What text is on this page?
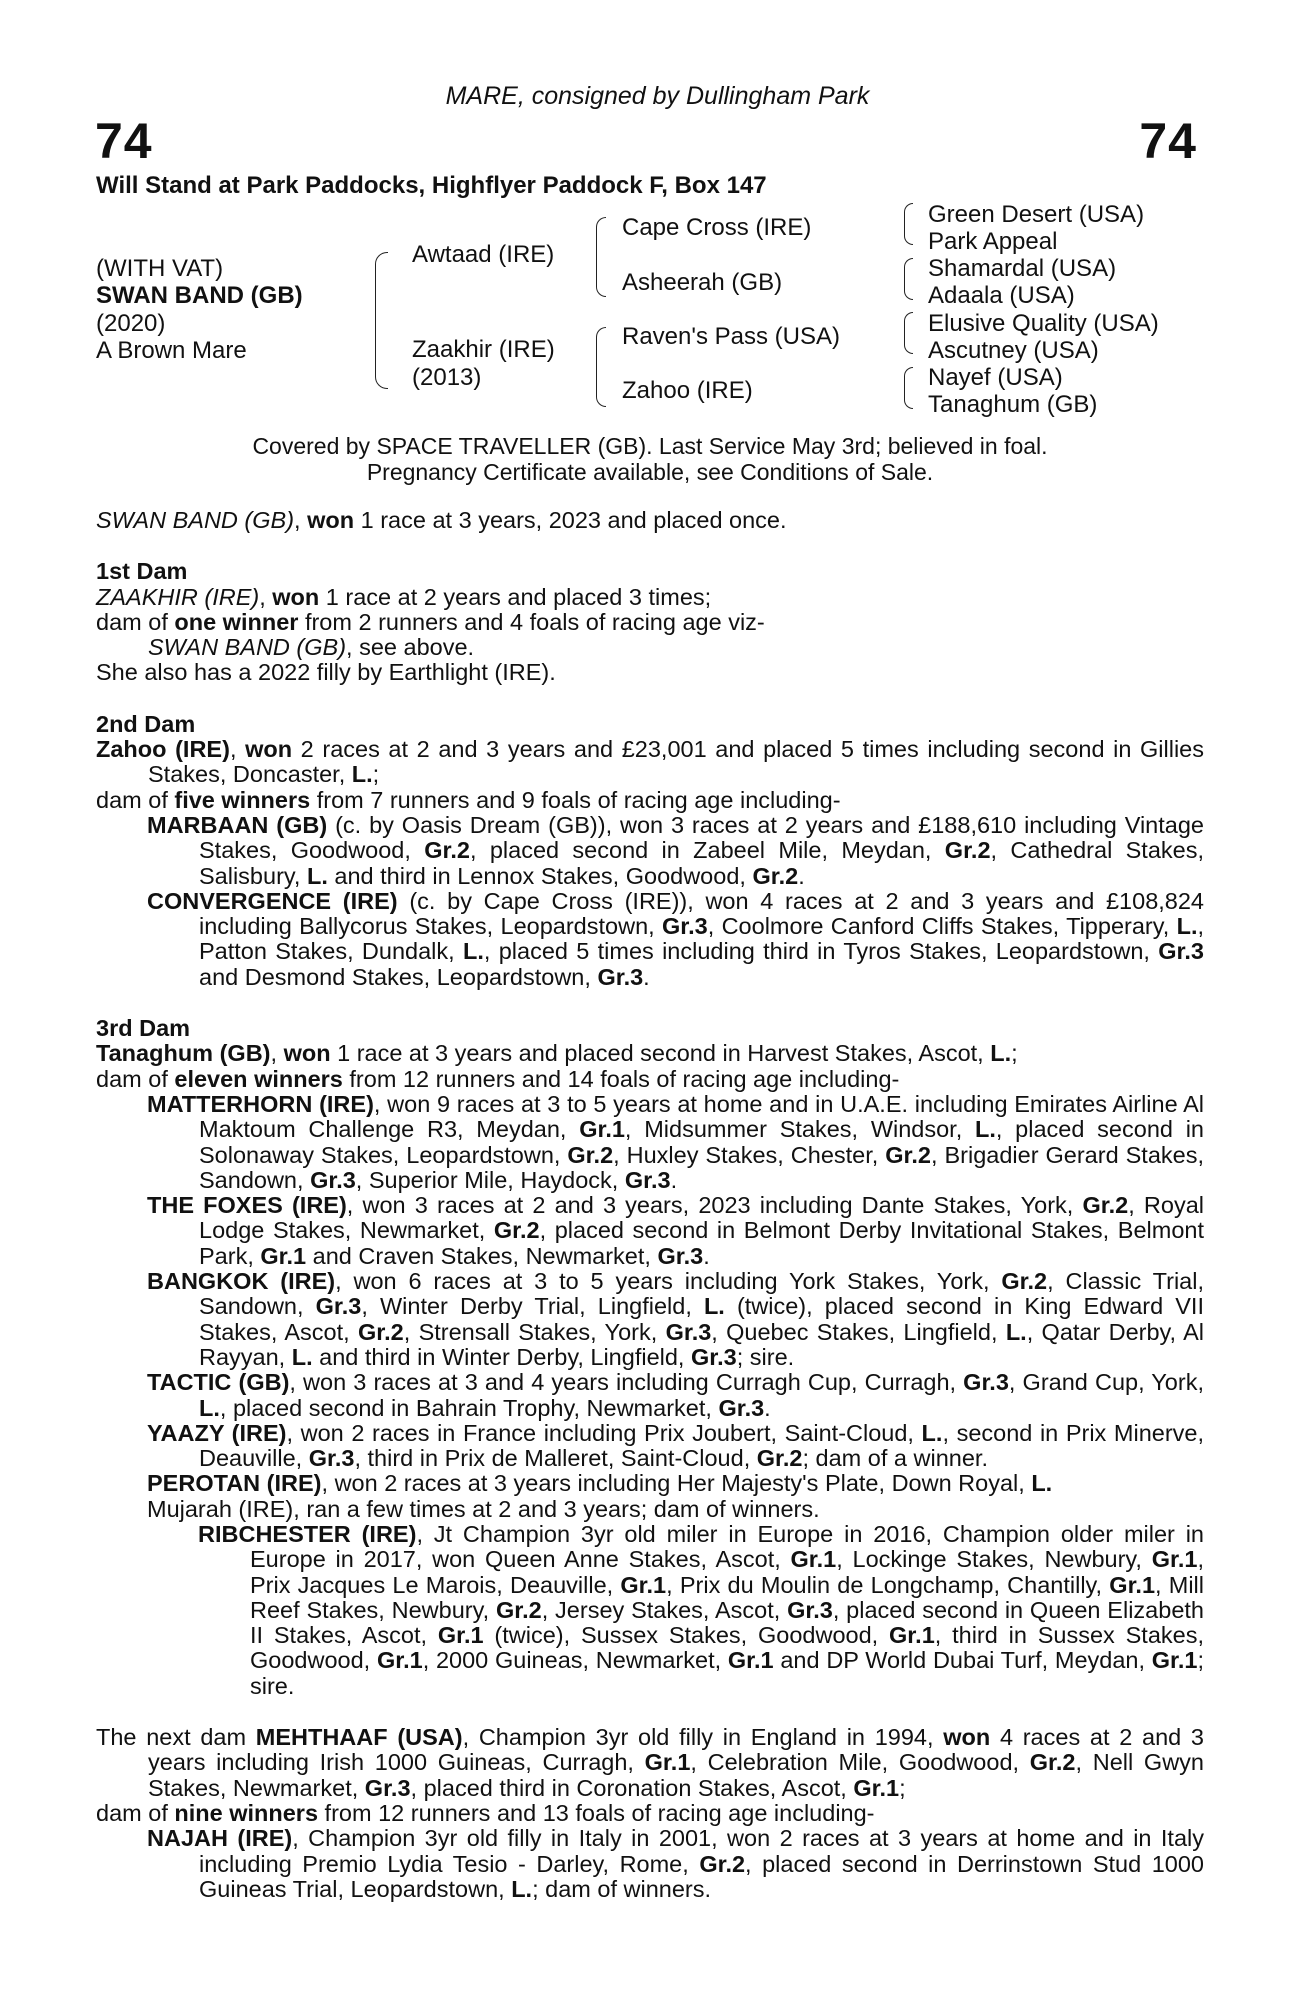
MARE, consigned by Dullingham Park
74	74
Will Stand at Park Paddocks, Highflyer Paddock F, Box 147
(WITH VAT)
SWAN BAND (GB)
(2020)
A Brown Mare
Awtaad (IRE)
Zaakhir (IRE)
(2013)
Cape Cross (IRE)
Asheerah (GB)
Raven's Pass (USA)
Zahoo (IRE)
Green Desert (USA)
Park Appeal
Shamardal (USA)
Adaala (USA)
Elusive Quality (USA)
Ascutney (USA)
Nayef (USA)
Tanaghum (GB)
Covered by SPACE TRAVELLER (GB). Last Service May 3rd; believed in foal.
Pregnancy Certificate available, see Conditions of Sale.

SWAN BAND (GB), won 1 race at 3 years, 2023 and placed once.

1st Dam

ZAAKHIR (IRE), won 1 race at 2 years and placed 3 times;

dam of one winner from 2 runners and 4 foals of racing age viz-

SWAN BAND (GB), see above.

She also has a 2022 filly by Earthlight (IRE).

2nd Dam

Zahoo (IRE), won 2 races at 2 and 3 years and £23,001 and placed 5 times including second in Gillies Stakes, Doncaster, L.;

dam of five winners from 7 runners and 9 foals of racing age including-

MARBAAN (GB) (c. by Oasis Dream (GB)), won 3 races at 2 years and £188,610 including Vintage Stakes, Goodwood, Gr.2, placed second in Zabeel Mile, Meydan, Gr.2, Cathedral Stakes, Salisbury, L. and third in Lennox Stakes, Goodwood, Gr.2.

CONVERGENCE (IRE) (c. by Cape Cross (IRE)), won 4 races at 2 and 3 years and £108,824 including Ballycorus Stakes, Leopardstown, Gr.3, Coolmore Canford Cliffs Stakes, Tipperary, L., Patton Stakes, Dundalk, L., placed 5 times including third in Tyros Stakes, Leopardstown, Gr.3 and Desmond Stakes, Leopardstown, Gr.3.

3rd Dam

Tanaghum (GB), won 1 race at 3 years and placed second in Harvest Stakes, Ascot, L.;

dam of eleven winners from 12 runners and 14 foals of racing age including-

MATTERHORN (IRE), won 9 races at 3 to 5 years at home and in U.A.E. including Emirates Airline Al Maktoum Challenge R3, Meydan, Gr.1, Midsummer Stakes, Windsor, L., placed second in Solonaway Stakes, Leopardstown, Gr.2, Huxley Stakes, Chester, Gr.2, Brigadier Gerard Stakes, Sandown, Gr.3, Superior Mile, Haydock, Gr.3.

THE FOXES (IRE), won 3 races at 2 and 3 years, 2023 including Dante Stakes, York, Gr.2, Royal Lodge Stakes, Newmarket, Gr.2, placed second in Belmont Derby Invitational Stakes, Belmont Park, Gr.1 and Craven Stakes, Newmarket, Gr.3.

BANGKOK (IRE), won 6 races at 3 to 5 years including York Stakes, York, Gr.2, Classic Trial, Sandown, Gr.3, Winter Derby Trial, Lingfield, L. (twice), placed second in King Edward VII Stakes, Ascot, Gr.2, Strensall Stakes, York, Gr.3, Quebec Stakes, Lingfield, L., Qatar Derby, Al Rayyan, L. and third in Winter Derby, Lingfield, Gr.3; sire.

TACTIC (GB), won 3 races at 3 and 4 years including Curragh Cup, Curragh, Gr.3, Grand Cup, York, L., placed second in Bahrain Trophy, Newmarket, Gr.3.

YAAZY (IRE), won 2 races in France including Prix Joubert, Saint-Cloud, L., second in Prix Minerve, Deauville, Gr.3, third in Prix de Malleret, Saint-Cloud, Gr.2; dam of a winner.

PEROTAN (IRE), won 2 races at 3 years including Her Majesty's Plate, Down Royal, L.

Mujarah (IRE), ran a few times at 2 and 3 years; dam of winners.

RIBCHESTER (IRE), Jt Champion 3yr old miler in Europe in 2016, Champion older miler in Europe in 2017, won Queen Anne Stakes, Ascot, Gr.1, Lockinge Stakes, Newbury, Gr.1, Prix Jacques Le Marois, Deauville, Gr.1, Prix du Moulin de Longchamp, Chantilly, Gr.1, Mill Reef Stakes, Newbury, Gr.2, Jersey Stakes, Ascot, Gr.3, placed second in Queen Elizabeth II Stakes, Ascot, Gr.1 (twice), Sussex Stakes, Goodwood, Gr.1, third in Sussex Stakes, Goodwood, Gr.1, 2000 Guineas, Newmarket, Gr.1 and DP World Dubai Turf, Meydan, Gr.1; sire.

The next dam MEHTHAAF (USA), Champion 3yr old filly in England in 1994, won 4 races at 2 and 3 years including Irish 1000 Guineas, Curragh, Gr.1, Celebration Mile, Goodwood, Gr.2, Nell Gwyn Stakes, Newmarket, Gr.3, placed third in Coronation Stakes, Ascot, Gr.1;

dam of nine winners from 12 runners and 13 foals of racing age including-

NAJAH (IRE), Champion 3yr old filly in Italy in 2001, won 2 races at 3 years at home and in Italy including Premio Lydia Tesio - Darley, Rome, Gr.2, placed second in Derrinstown Stud 1000 Guineas Trial, Leopardstown, L.; dam of winners.
